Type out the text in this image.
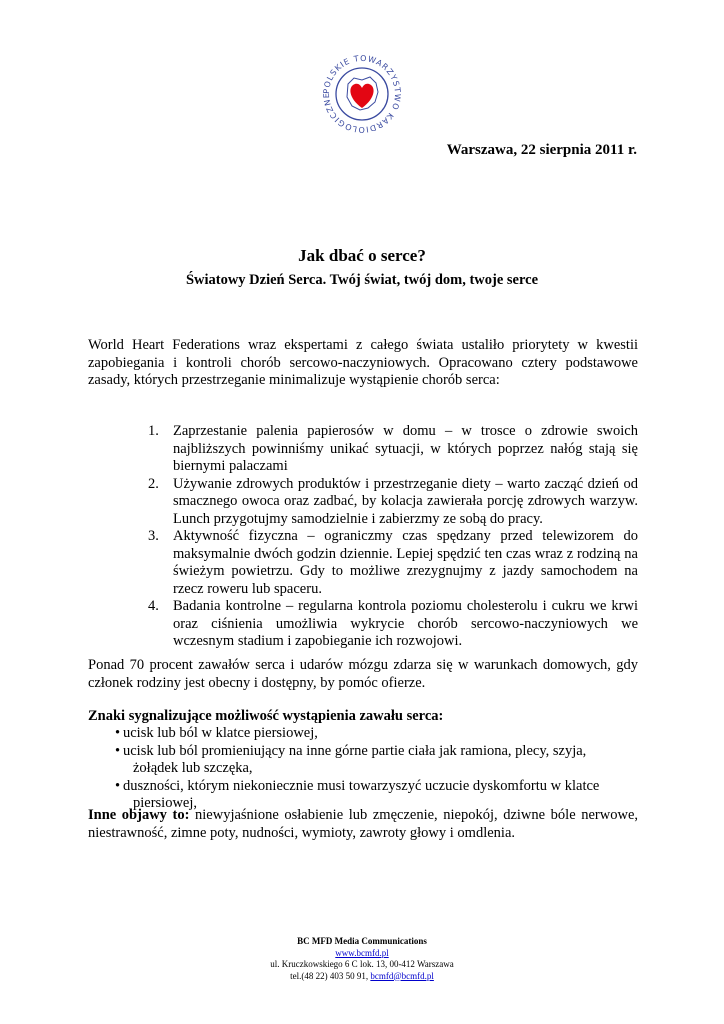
POLSKIE TOWARZYSTWO KARDIOLOGICZNE
Warszawa, 22 sierpnia 2011 r.
Jak dbać o serce?
Światowy Dzień Serca. Twój świat, twój dom, twoje serce
World Heart Federations wraz ekspertami z całego świata ustaliło priorytety w kwestii zapobiegania i kontroli chorób sercowo-naczyniowych. Opracowano cztery podstawowe zasady, których przestrzeganie minimalizuje wystąpienie chorób serca:
1. Zaprzestanie palenia papierosów w domu – w trosce o zdrowie swoich najbliższych powinniśmy unikać sytuacji, w których poprzez nałóg stają się biernymi palaczami
2. Używanie zdrowych produktów i przestrzeganie diety – warto zacząć dzień od smacznego owoca oraz zadbać, by kolacja zawierała porcję zdrowych warzyw. Lunch przygotujmy samodzielnie i zabierzmy ze sobą do pracy.
3. Aktywność fizyczna – ograniczmy czas spędzany przed telewizorem do maksymalnie dwóch godzin dziennie. Lepiej spędzić ten czas wraz z rodziną na świeżym powietrzu. Gdy to możliwe zrezygnujmy z jazdy samochodem na rzecz roweru lub spaceru.
4. Badania kontrolne – regularna kontrola poziomu cholesterolu i cukru we krwi oraz ciśnienia umożliwia wykrycie chorób sercowo-naczyniowych we wczesnym stadium i zapobieganie ich rozwojowi.
Ponad 70 procent zawałów serca i udarów mózgu zdarza się w warunkach domowych, gdy członek rodziny jest obecny i dostępny, by pomóc ofierze.
Znaki sygnalizujące możliwość wystąpienia zawału serca:
• ucisk lub ból w klatce piersiowej,
• ucisk lub ból promieniujący na inne górne partie ciała jak ramiona, plecy, szyja,
żołądek lub szczęka,
• duszności, którym niekoniecznie musi towarzyszyć uczucie dyskomfortu w klatce
piersiowej,
Inne objawy to: niewyjaśnione osłabienie lub zmęczenie, niepokój, dziwne bóle nerwowe, niestrawność, zimne poty, nudności, wymioty, zawroty głowy i omdlenia.
BC MFD Media Communications
www.bcmfd.pl
ul. Kruczkowskiego 6 C lok. 13, 00-412 Warszawa
tel.(48 22) 403 50 91, bcmfd@bcmfd.pl
